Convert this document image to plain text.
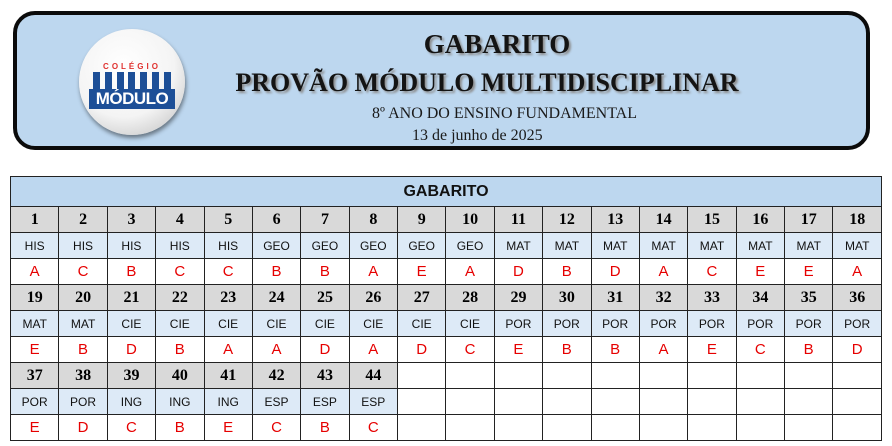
COLÉGIO
MÓDULO
GABARITO
PROVÃO MÓDULO MULTIDISCIPLINAR
8º ANO DO ENSINO FUNDAMENTAL
13 de junho de 2025
GABARITO																	
1	2	3	4	5	6	7	8	9	10	11	12	13	14	15	16	17	18
HIS	HIS	HIS	HIS	HIS	GEO	GEO	GEO	GEO	GEO	MAT	MAT	MAT	MAT	MAT	MAT	MAT	MAT
A	C	B	C	C	B	B	A	E	A	D	B	D	A	C	E	E	A
19	20	21	22	23	24	25	26	27	28	29	30	31	32	33	34	35	36
MAT	MAT	CIE	CIE	CIE	CIE	CIE	CIE	CIE	CIE	POR	POR	POR	POR	POR	POR	POR	POR
E	B	D	B	A	A	D	A	D	C	E	B	B	A	E	C	B	D
37	38	39	40	41	42	43	44										
POR	POR	ING	ING	ING	ESP	ESP	ESP										
E	D	C	B	E	C	B	C										
